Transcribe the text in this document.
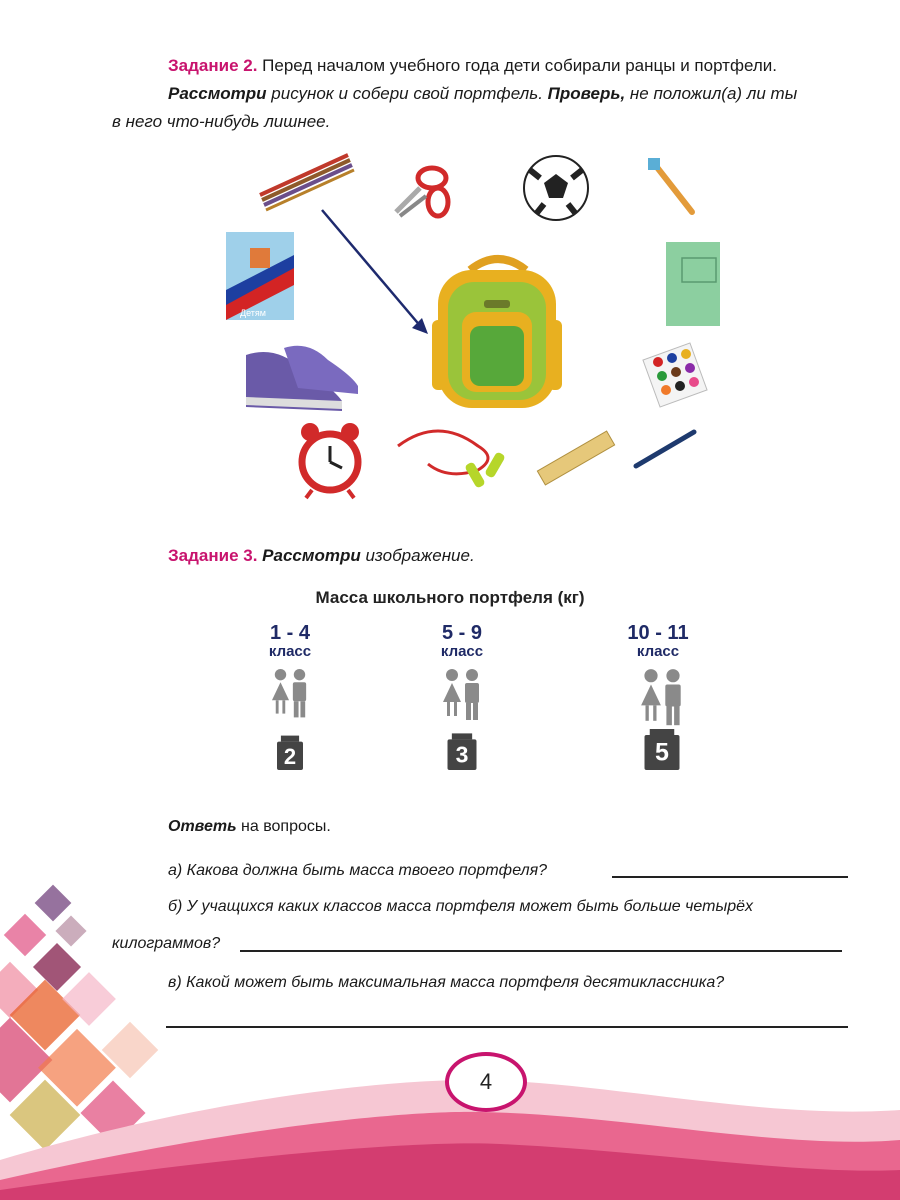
Задание 2. Перед началом учебного года дети собирали ранцы и портфели.
Рассмотри рисунок и собери свой портфель. Проверь, не положил(а) ли ты
в него что-нибудь лишнее.
Детям
Задание 3. Рассмотри изображение.
Масса школьного портфеля (кг)
1 - 4
класс
5 - 9
класс
10 - 11
класс
2	3	5
Ответь на вопросы.
а) Какова должна быть масса твоего портфеля?
б) У учащихся каких классов масса портфеля может быть больше четырёх
килограммов?
в) Какой может быть максимальная масса портфеля десятиклассника?
4
